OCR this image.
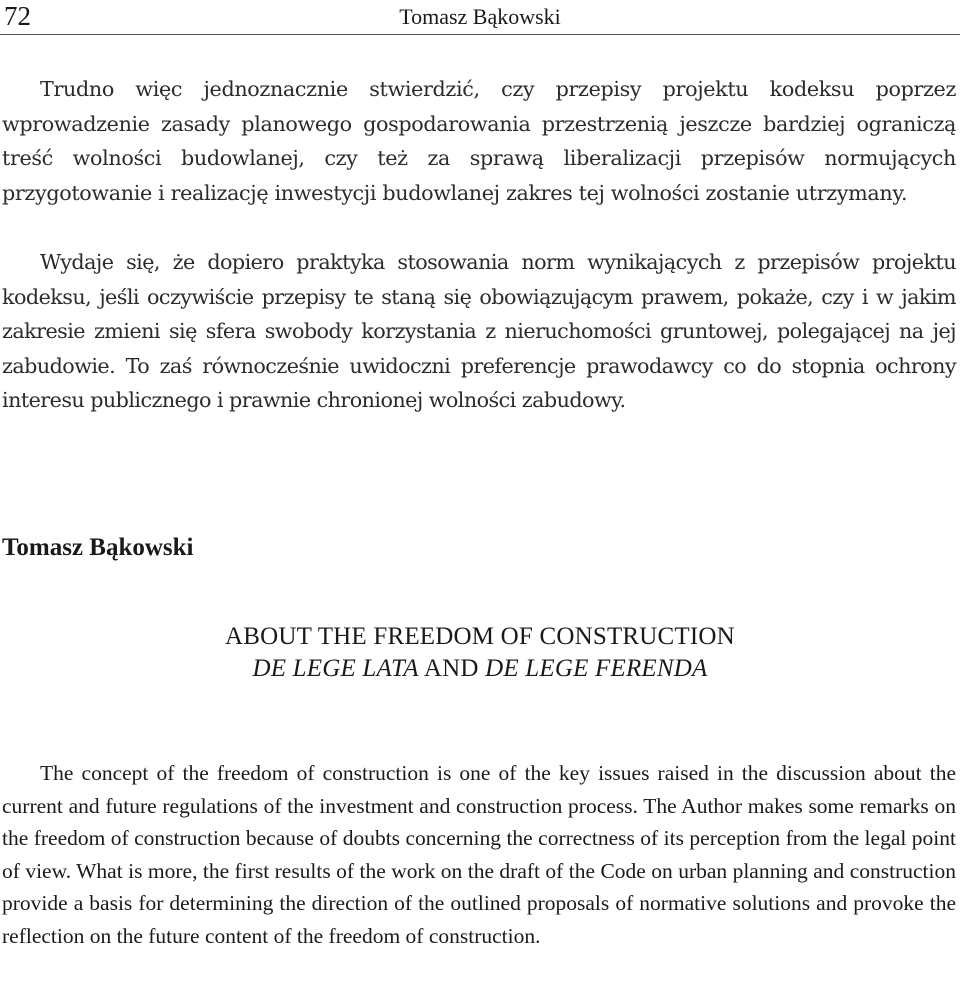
72	Tomasz Bąkowski

Trudno więc jednoznacznie stwierdzić, czy przepisy projektu kodeksu poprzez wprowadzenie zasady planowego gospodarowania przestrzenią jeszcze bardziej ograniczą treść wolności budowlanej, czy też za sprawą liberalizacji przepisów normujących przygotowanie i realizację inwestycji budowlanej zakres tej wolności zostanie utrzymany.

Wydaje się, że dopiero praktyka stosowania norm wynikających z przepisów projektu kodeksu, jeśli oczywiście przepisy te staną się obowiązującym prawem, pokaże, czy i w jakim zakresie zmieni się sfera swobody korzystania z nieruchomości gruntowej, polegającej na jej zabudowie. To zaś równocześnie uwidoczni preferencje prawodawcy co do stopnia ochrony interesu publicznego i prawnie chronionej wolności zabudowy.

Tomasz Bąkowski
ABOUT THE FREEDOM OF CONSTRUCTION
DE LEGE LATA AND DE LEGE FERENDA

The concept of the freedom of construction is one of the key issues raised in the discussion about the current and future regulations of the investment and construction process. The Author makes some remarks on the freedom of construction because of doubts concerning the correctness of its perception from the legal point of view. What is more, the first results of the work on the draft of the Code on urban planning and construction provide a basis for determining the direction of the outlined proposals of normative solutions and provoke the reflection on the future content of the freedom of construction.
